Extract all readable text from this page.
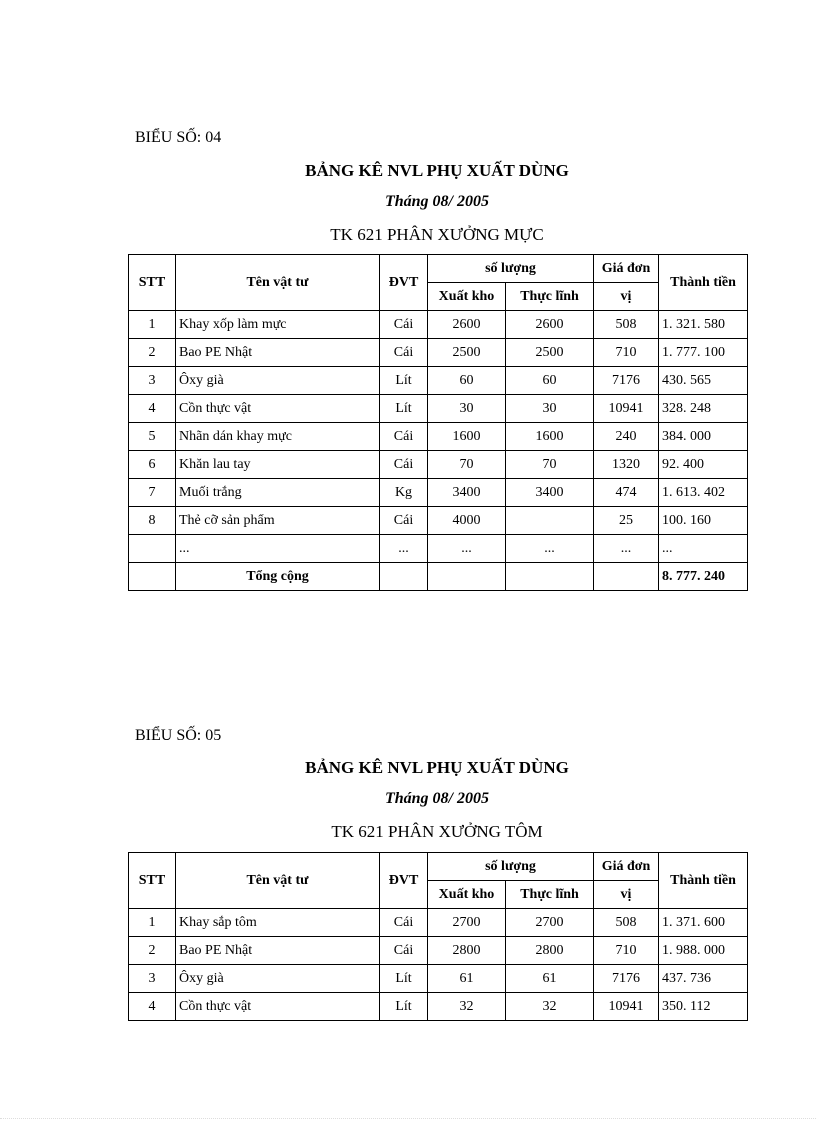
BIỂU SỐ: 04
BẢNG KÊ NVL PHỤ XUẤT DÙNG
Tháng 08/ 2005
TK 621 PHÂN XƯỞNG MỰC
STT	Tên vật tư	ĐVT	số lượng		Giá đơn	Thành tiền
			Xuất kho	Thực lĩnh	vị	
1	Khay xốp làm mực	Cái	2600	2600	508	1. 321. 580
2	Bao PE Nhật	Cái	2500	2500	710	1. 777. 100
3	Ôxy già	Lít	60	60	7176	430. 565
4	Cồn thực vật	Lít	30	30	10941	328. 248
5	Nhãn dán khay mực	Cái	1600	1600	240	384. 000
6	Khăn lau tay	Cái	70	70	1320	92. 400
7	Muối trắng	Kg	3400	3400	474	1. 613. 402
8	Thẻ cỡ sản phẩm	Cái	4000		25	100. 160
	...	...	...	...	...	...
	Tổng cộng					8. 777. 240
BIỂU SỐ: 05
BẢNG KÊ NVL PHỤ XUẤT DÙNG
Tháng 08/ 2005
TK 621 PHÂN XƯỞNG TÔM
STT	Tên vật tư	ĐVT	số lượng		Giá đơn	Thành tiền
			Xuất kho	Thực lĩnh	vị	
1	Khay sắp tôm	Cái	2700	2700	508	1. 371. 600
2	Bao PE Nhật	Cái	2800	2800	710	1. 988. 000
3	Ôxy già	Lít	61	61	7176	437. 736
4	Cồn thực vật	Lít	32	32	10941	350. 112
